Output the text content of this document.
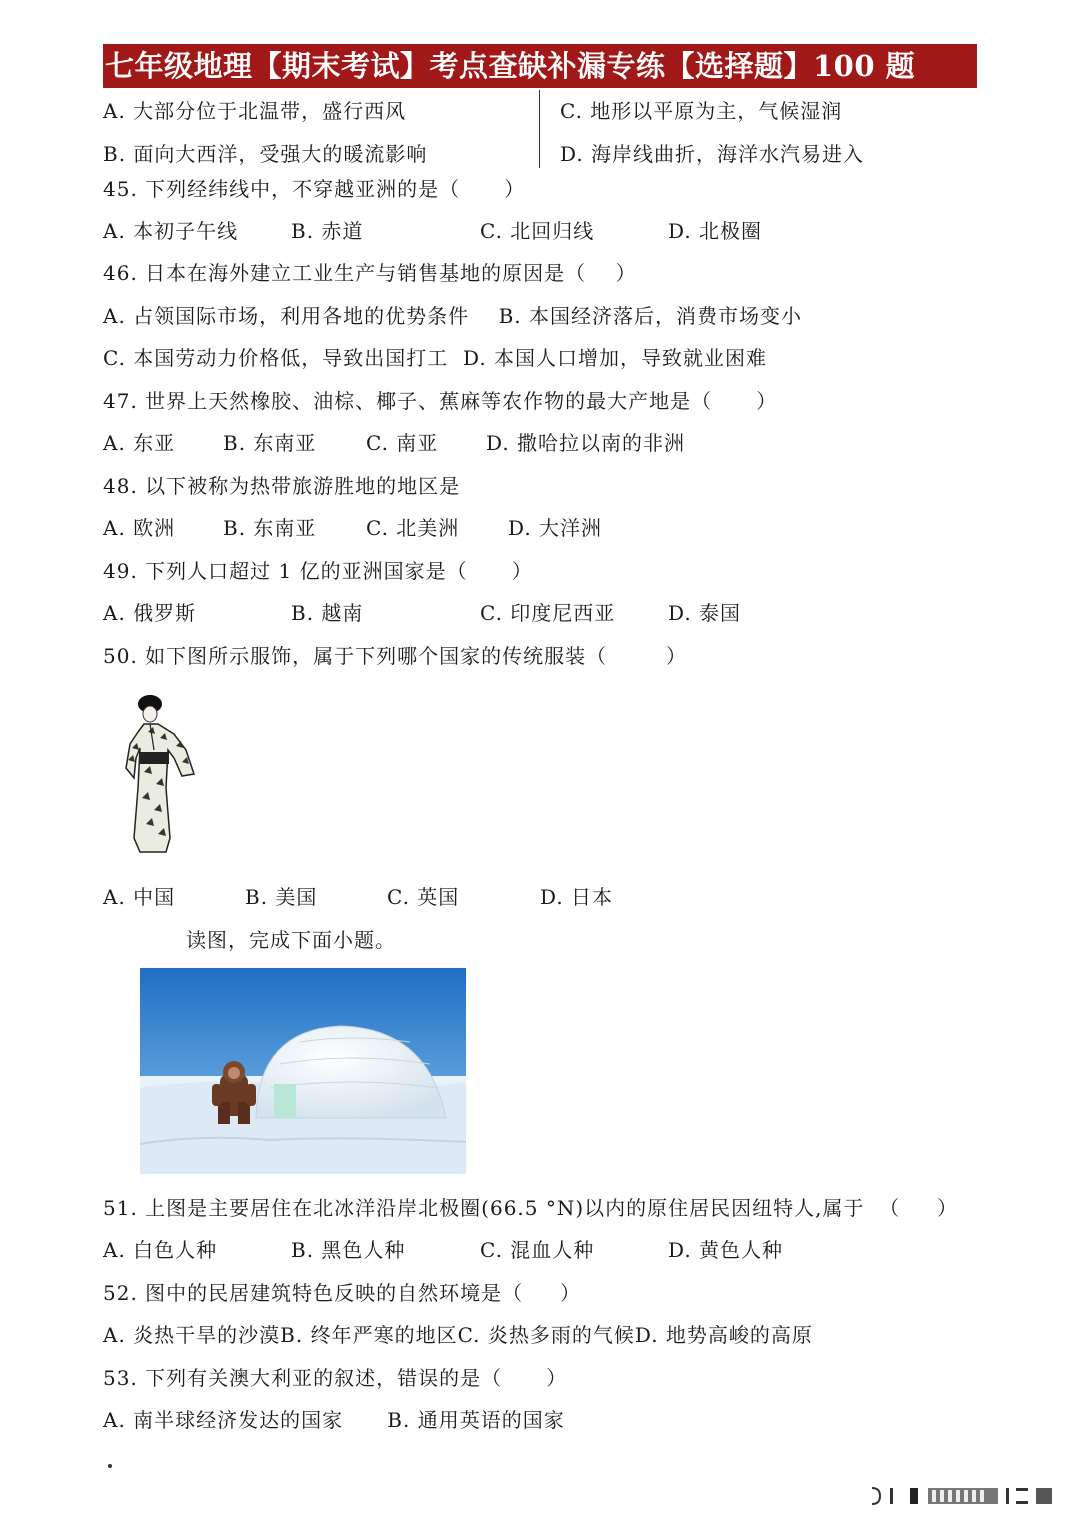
七年级地理【期末考试】考点查缺补漏专练【选择题】100 题
A. 大部分位于北温带，盛行西风
B. 面向大西洋，受强大的暖流影响
C. 地形以平原为主，气候湿润
D. 海岸线曲折，海洋水汽易进入
45. 下列经纬线中，不穿越亚洲的是（      ）
A. 本初子午线	B. 赤道	C. 北回归线	D. 北极圈
46. 日本在海外建立工业生产与销售基地的原因是（    ）
A. 占领国际市场，利用各地的优势条件    B. 本国经济落后，消费市场变小
C. 本国劳动力价格低，导致出国打工  D. 本国人口增加，导致就业困难
47. 世界上天然橡胶、油棕、椰子、蕉麻等农作物的最大产地是（      ）
A. 东亚 B. 东南亚 C. 南亚 D. 撒哈拉以南的非洲
48. 以下被称为热带旅游胜地的地区是
A. 欧洲 B. 东南亚 C. 北美洲 D. 大洋洲
49. 下列人口超过 1 亿的亚洲国家是（      ）
A. 俄罗斯	B. 越南	C. 印度尼西亚	D. 泰国
50. 如下图所示服饰，属于下列哪个国家的传统服装（        ）
A. 中国	B. 美国	C. 英国	D. 日本
读图，完成下面小题。
51. 上图是主要居住在北冰洋沿岸北极圈(66.5 °N)以内的原住居民因纽特人,属于  （     ）
A. 白色人种	B. 黑色人种	C. 混血人种	D. 黄色人种
52. 图中的民居建筑特色反映的自然环境是（     ）
A. 炎热干旱的沙漠B. 终年严寒的地区C. 炎热多雨的气候D. 地势高峻的高原
53. 下列有关澳大利亚的叙述，错误的是（      ）
A. 南半球经济发达的国家      B. 通用英语的国家
